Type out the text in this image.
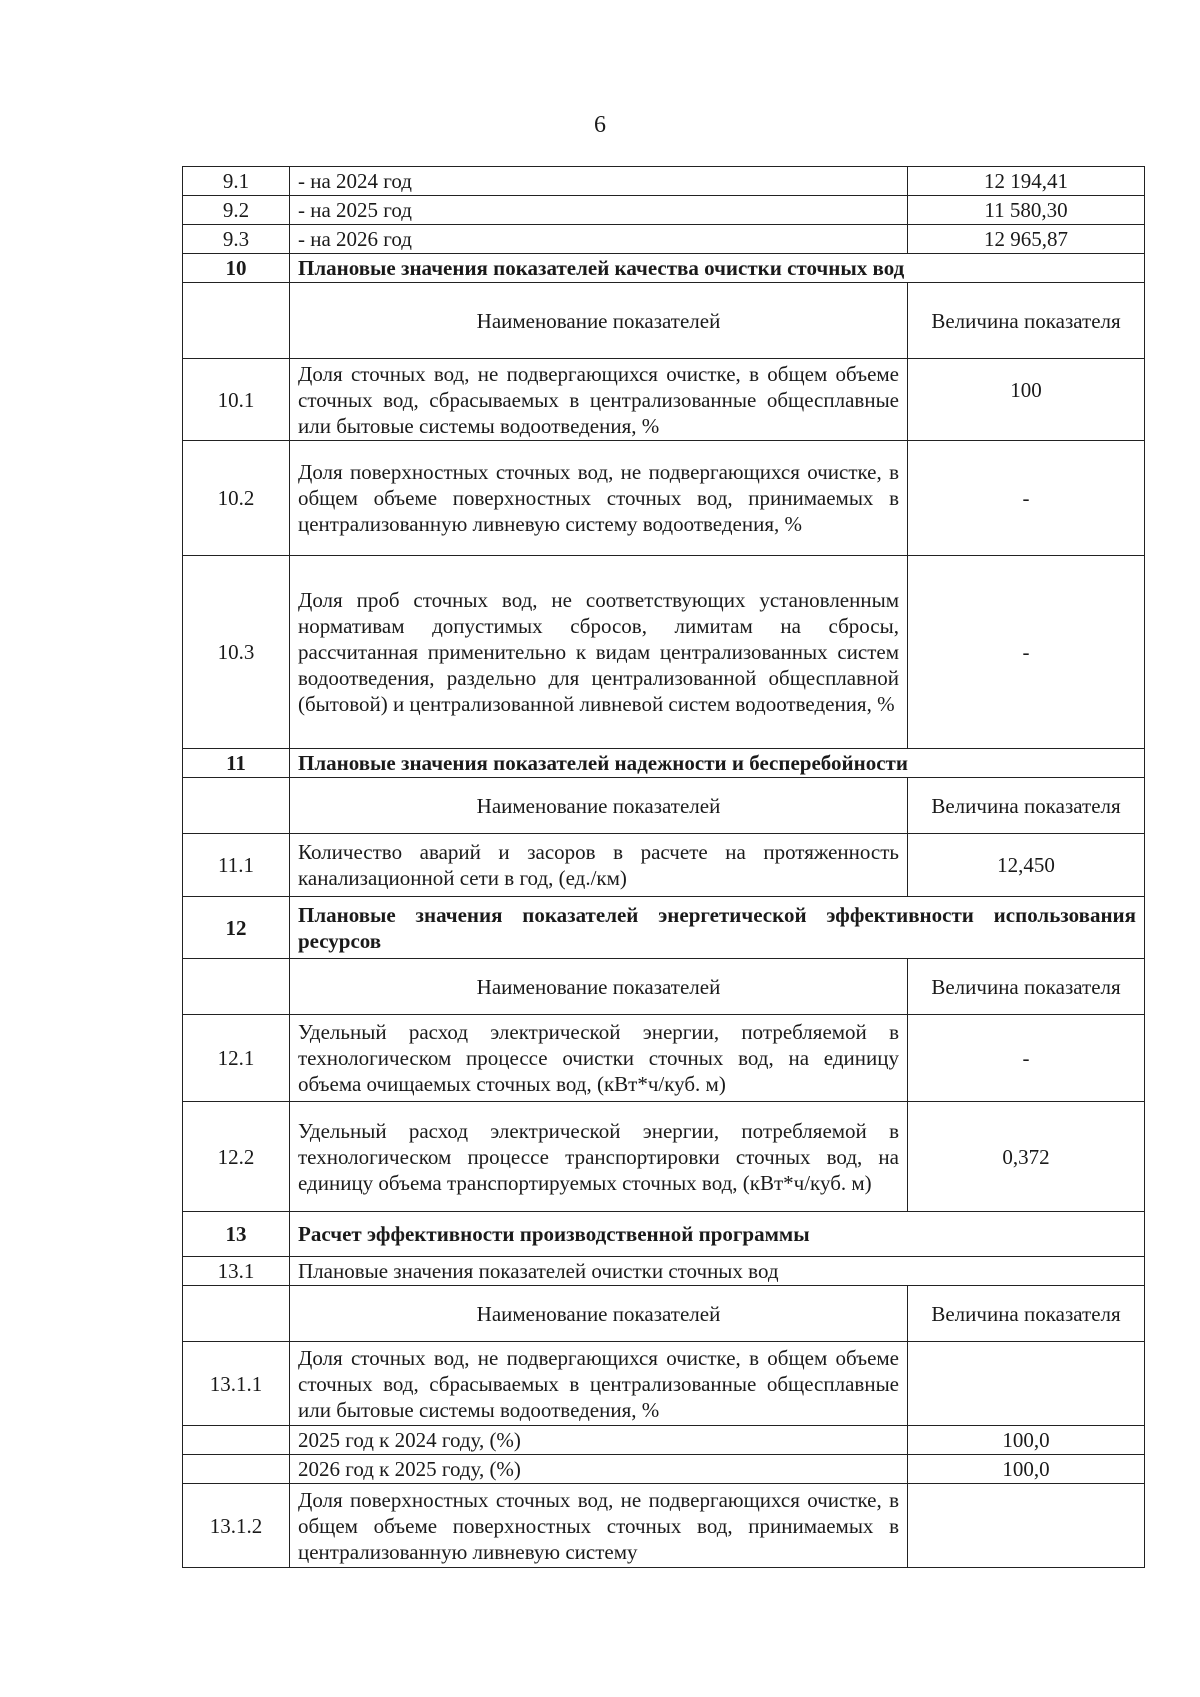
6
9.1	- на 2024 год	12 194,41
9.2	- на 2025 год	11 580,30
9.3	- на 2026 год	12 965,87
10	Плановые значения показателей качества очистки сточных вод	
	Наименование показателей	Величина показателя
10.1	Доля сточных вод, не подвергающихся очистке, в общем объеме сточных вод, сбрасываемых в централизованные общесплавные или бытовые системы водоотведения, %	100
10.2	Доля поверхностных сточных вод, не подвергающихся очистке, в общем объеме поверхностных сточных вод, принимаемых в централизованную ливневую систему водоотведения, %	-
10.3	Доля проб сточных вод, не соответствующих установленным нормативам допустимых сбросов, лимитам на сбросы, рассчитанная применительно к видам централизованных систем водоотведения, раздельно для централизованной общесплавной (бытовой) и централизованной ливневой систем водоотведения, %	-
11	Плановые значения показателей надежности и бесперебойности	
	Наименование показателей	Величина показателя
11.1	Количество аварий и засоров в расчете на протяженность канализационной сети в год, (ед./км)	12,450
12	Плановые значения показателей энергетической эффективности использования ресурсов	
	Наименование показателей	Величина показателя
12.1	Удельный расход электрической энергии, потребляемой в технологическом процессе очистки сточных вод, на единицу объема очищаемых сточных вод, (кВт*ч/куб. м)	-
12.2	Удельный расход электрической энергии, потребляемой в технологическом процессе транспортировки сточных вод, на единицу объема транспортируемых сточных вод, (кВт*ч/куб. м)	0,372
13	Расчет эффективности производственной программы	
13.1	Плановые значения показателей очистки сточных вод	
	Наименование показателей	Величина показателя
13.1.1	Доля сточных вод, не подвергающихся очистке, в общем объеме сточных вод, сбрасываемых в централизованные общесплавные или бытовые системы водоотведения, %	
	2025 год к 2024 году, (%)	100,0
	2026 год к 2025 году, (%)	100,0
13.1.2	Доля поверхностных сточных вод, не подвергающихся очистке, в общем объеме поверхностных сточных вод, принимаемых в централизованную ливневую систему	
